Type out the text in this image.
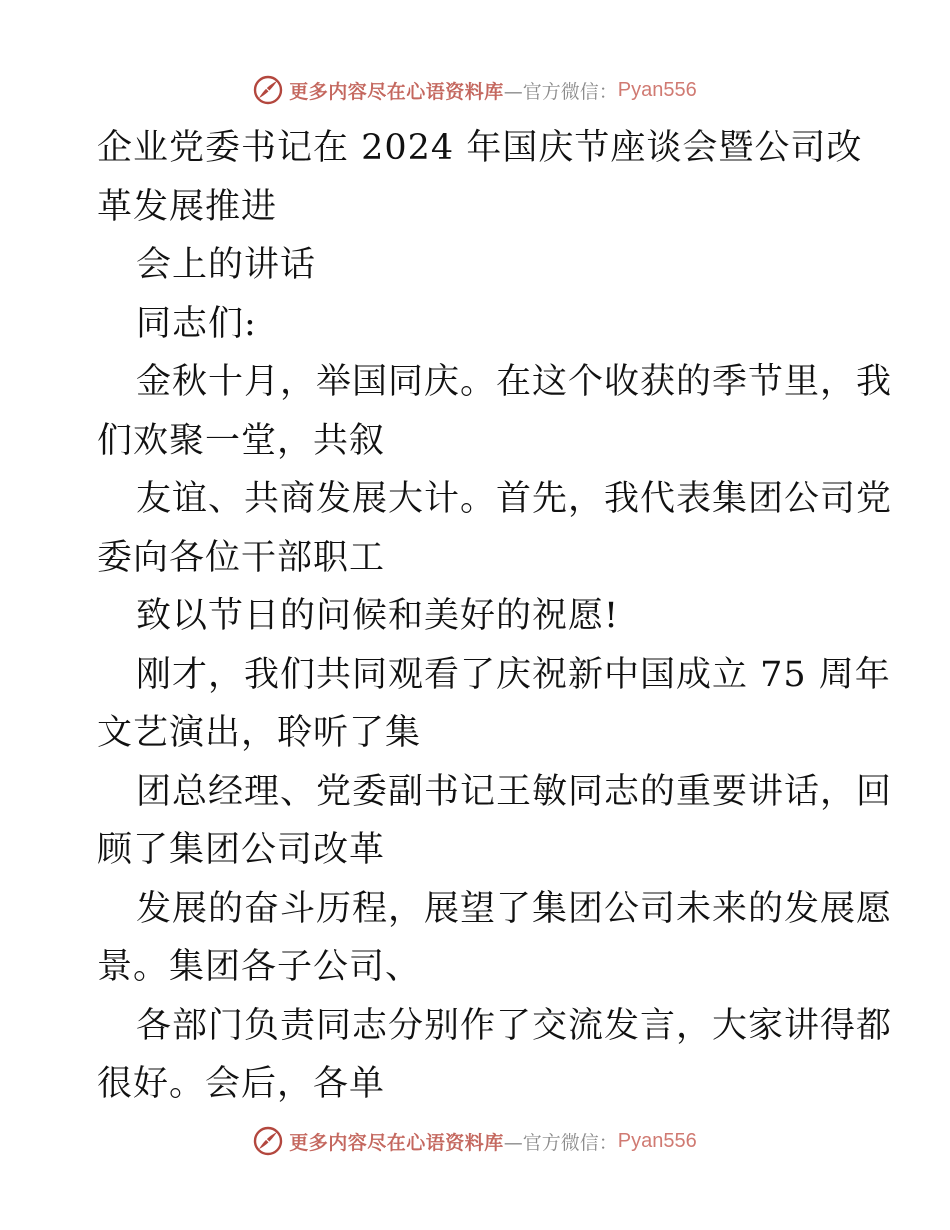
更多内容尽在心语资料库 —官方微信： Pyan556
企业党委书记在 2024 年国庆节座谈会暨公司改
革发展推进
会上的讲话
同志们:
金秋十月，举国同庆。在这个收获的季节里，我
们欢聚一堂，共叙
友谊、共商发展大计。首先，我代表集团公司党
委向各位干部职工
致以节日的问候和美好的祝愿!
刚才，我们共同观看了庆祝新中国成立 75 周年
文艺演出，聆听了集
团总经理、党委副书记王敏同志的重要讲话，回
顾了集团公司改革
发展的奋斗历程，展望了集团公司未来的发展愿
景。集团各子公司、
各部门负责同志分别作了交流发言，大家讲得都
很好。会后，各单
更多内容尽在心语资料库 —官方微信： Pyan556
